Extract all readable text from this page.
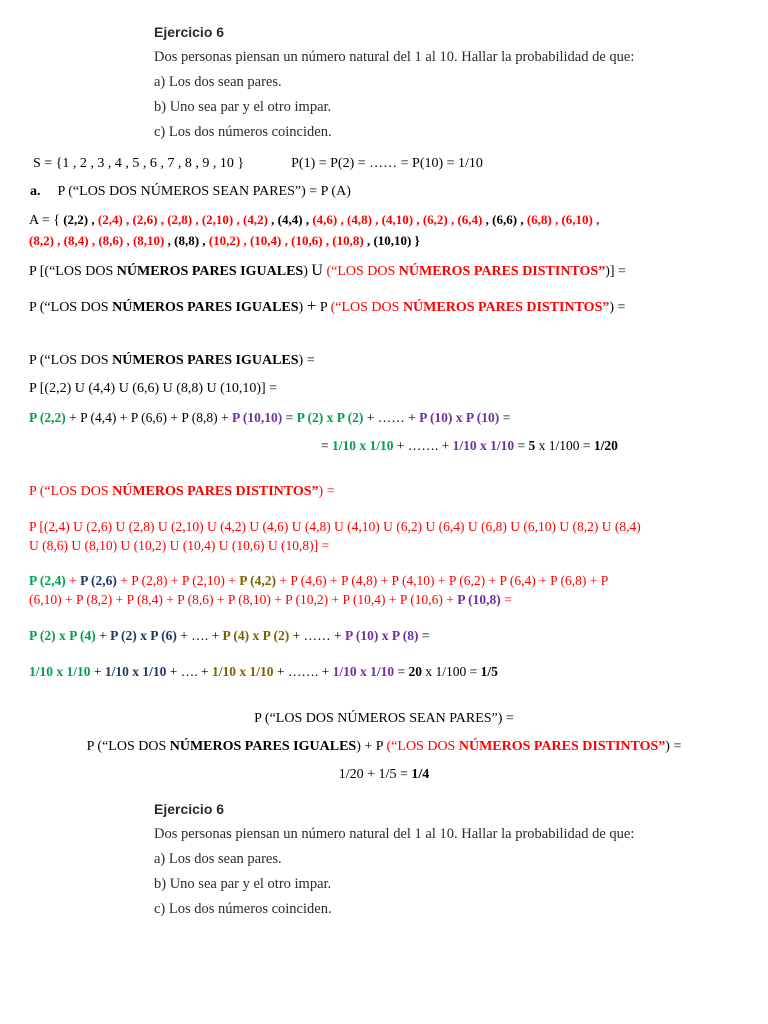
Ejercicio 6
Dos personas piensan un número natural del 1 al 10. Hallar la probabilidad de que:
a) Los dos sean pares.
b) Uno sea par y el otro impar.
c) Los dos números coinciden.
S = {1 , 2 , 3 , 4 , 5 , 6 , 7 , 8 , 9 , 10 }	P(1) = P(2) = …… = P(10) = 1/10
a. P (“LOS DOS NÚMEROS SEAN PARES”) = P (A)
A = { (2,2) , (2,4) , (2,6) , (2,8) , (2,10) , (4,2) , (4,4) , (4,6) , (4,8) , (4,10) , (6,2) , (6,4) , (6,6) , (6,8) , (6,10) ,
(8,2) , (8,4) , (8,6) , (8,10) , (8,8) , (10,2) , (10,4) , (10,6) , (10,8) , (10,10) }
P [(“LOS DOS NÚMEROS PARES IGUALES) U (“LOS DOS NÚMEROS PARES DISTINTOS”)] =
P (“LOS DOS NÚMEROS PARES IGUALES) + P (“LOS DOS NÚMEROS PARES DISTINTOS”) =
P (“LOS DOS NÚMEROS PARES IGUALES) =
P [(2,2) U (4,4) U (6,6) U (8,8) U (10,10)] =
P (2,2) + P (4,4) + P (6,6) + P (8,8) + P (10,10) = P (2) x P (2) + …… + P (10) x P (10) =
= 1/10 x 1/10 + ……. + 1/10 x 1/10 = 5 x 1/100 = 1/20
P (“LOS DOS NÚMEROS PARES DISTINTOS”) =
P [(2,4) U (2,6) U (2,8) U (2,10) U (4,2) U (4,6) U (4,8) U (4,10) U (6,2) U (6,4) U (6,8) U (6,10) U (8,2) U (8,4)
U (8,6) U (8,10) U (10,2) U (10,4) U (10,6) U (10,8)] =
P (2,4) + P (2,6) + P (2,8) + P (2,10) + P (4,2) + P (4,6) + P (4,8) + P (4,10) + P (6,2) + P (6,4) + P (6,8) + P
(6,10) + P (8,2) + P (8,4) + P (8,6) + P (8,10) + P (10,2) + P (10,4) + P (10,6) + P (10,8) =
P (2) x P (4) + P (2) x P (6) + …. + P (4) x P (2) + …… + P (10) x P (8) =
1/10 x 1/10 + 1/10 x 1/10 + …. + 1/10 x 1/10 + ……. + 1/10 x 1/10 = 20 x 1/100 = 1/5
P (“LOS DOS NÚMEROS SEAN PARES”) =
P (“LOS DOS NÚMEROS PARES IGUALES) + P (“LOS DOS NÚMEROS PARES DISTINTOS”) =
1/20 + 1/5 = 1/4
Ejercicio 6
Dos personas piensan un número natural del 1 al 10. Hallar la probabilidad de que:
a) Los dos sean pares.
b) Uno sea par y el otro impar.
c) Los dos números coinciden.
